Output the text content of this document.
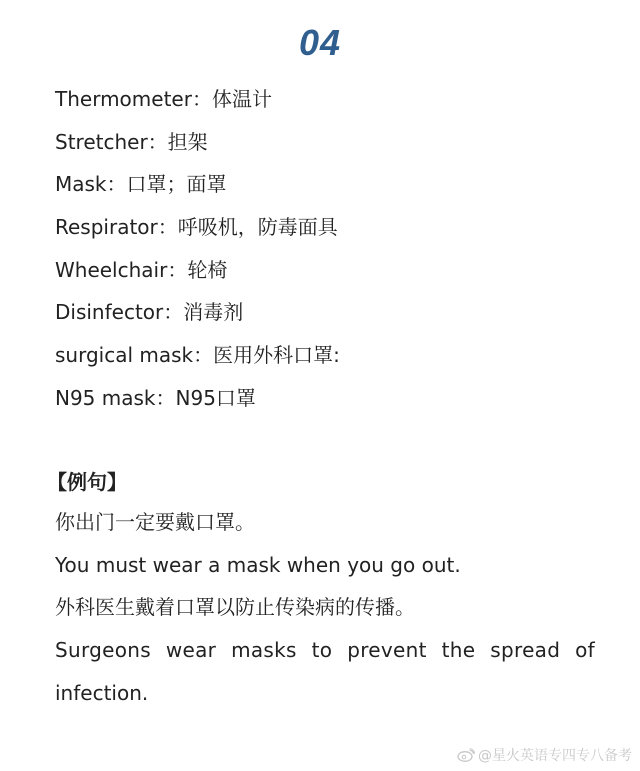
04
Thermometer：体温计
Stretcher：担架
Mask：口罩；面罩
Respirator：呼吸机，防毒面具
Wheelchair：轮椅
Disinfector：消毒剂
surgical mask：医用外科口罩:
N95 mask：N95口罩
【例句】
你出门一定要戴口罩。
You must wear a mask when you go out.
外科医生戴着口罩以防止传染病的传播。
Surgeons wear masks to prevent the spread of
infection.
@星火英语专四专八备考
